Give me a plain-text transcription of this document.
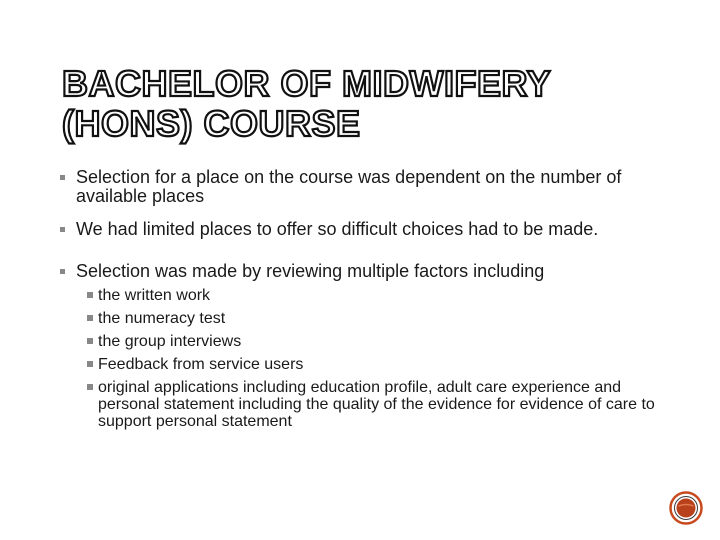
BACHELOR OF MIDWIFERY
(HONS) COURSE
Selection for a place on the course was dependent on the number of available places
We had limited places to offer so difficult choices had to be made.
Selection was made by reviewing multiple factors including
the written work
the numeracy test
the group interviews
Feedback from service users
original applications including education profile, adult care experience and personal statement including the quality of the evidence for evidence of care to support personal statement
